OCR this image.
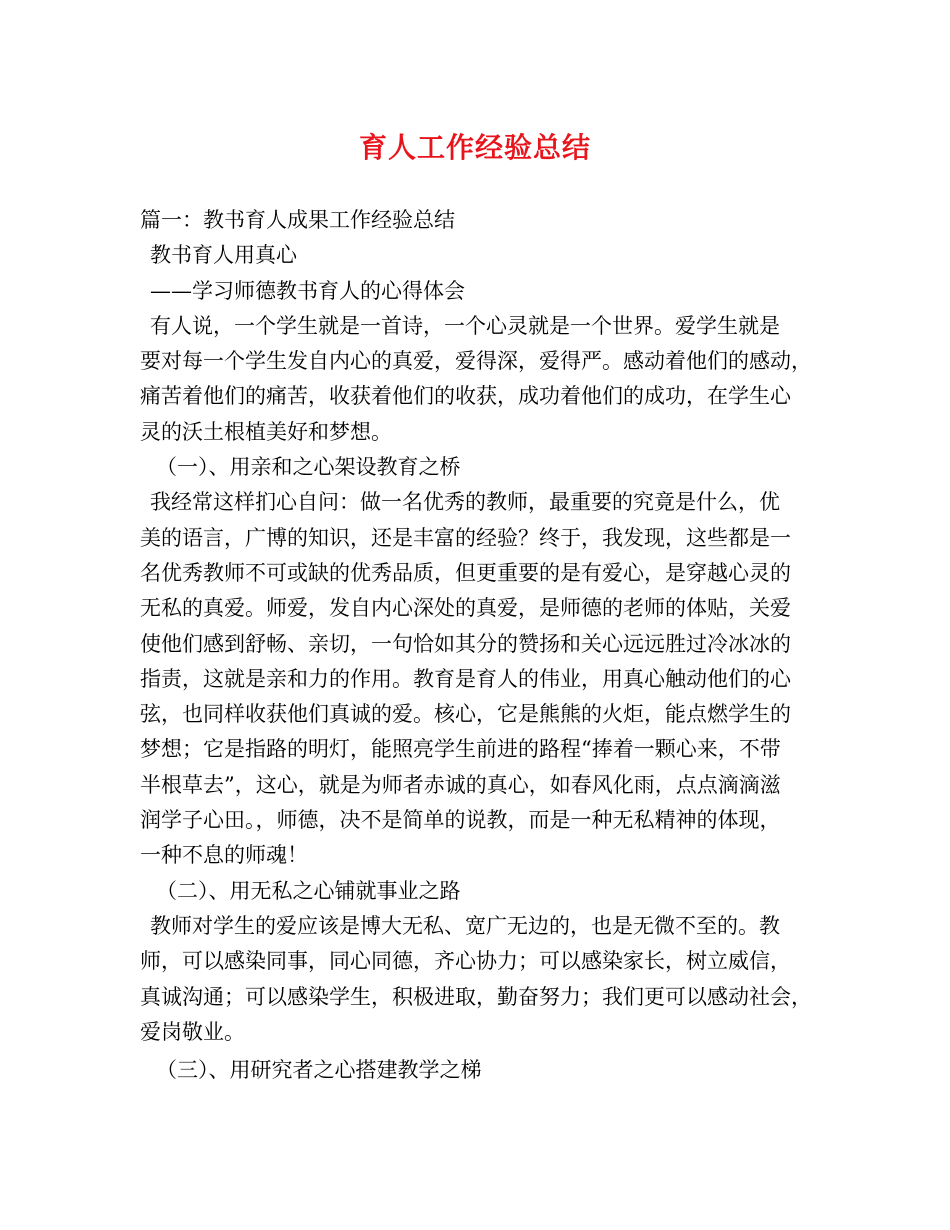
育人工作经验总结
篇一：教书育人成果工作经验总结
教书育人用真心
——学习师德教书育人的心得体会
有人说，一个学生就是一首诗，一个心灵就是一个世界。爱学生就是
要对每一个学生发自内心的真爱，爱得深，爱得严。感动着他们的感动，
痛苦着他们的痛苦，收获着他们的收获，成功着他们的成功，在学生心
灵的沃土根植美好和梦想。
（一）、用亲和之心架设教育之桥
我经常这样扪心自问：做一名优秀的教师，最重要的究竟是什么，优
美的语言，广博的知识，还是丰富的经验？终于，我发现，这些都是一
名优秀教师不可或缺的优秀品质，但更重要的是有爱心，是穿越心灵的
无私的真爱。师爱，发自内心深处的真爱，是师德的老师的体贴，关爱
使他们感到舒畅、亲切，一句恰如其分的赞扬和关心远远胜过冷冰冰的
指责，这就是亲和力的作用。教育是育人的伟业，用真心触动他们的心
弦，也同样收获他们真诚的爱。核心，它是熊熊的火炬，能点燃学生的
梦想；它是指路的明灯，能照亮学生前进的路程“捧着一颗心来，不带
半根草去”，这心，就是为师者赤诚的真心，如春风化雨，点点滴滴滋
润学子心田。，师德，决不是简单的说教，而是一种无私精神的体现，
一种不息的师魂！
（二）、用无私之心铺就事业之路
教师对学生的爱应该是博大无私、宽广无边的，也是无微不至的。教
师，可以感染同事，同心同德，齐心协力；可以感染家长，树立威信，
真诚沟通；可以感染学生，积极进取，勤奋努力；我们更可以感动社会，
爱岗敬业。
（三）、用研究者之心搭建教学之梯
